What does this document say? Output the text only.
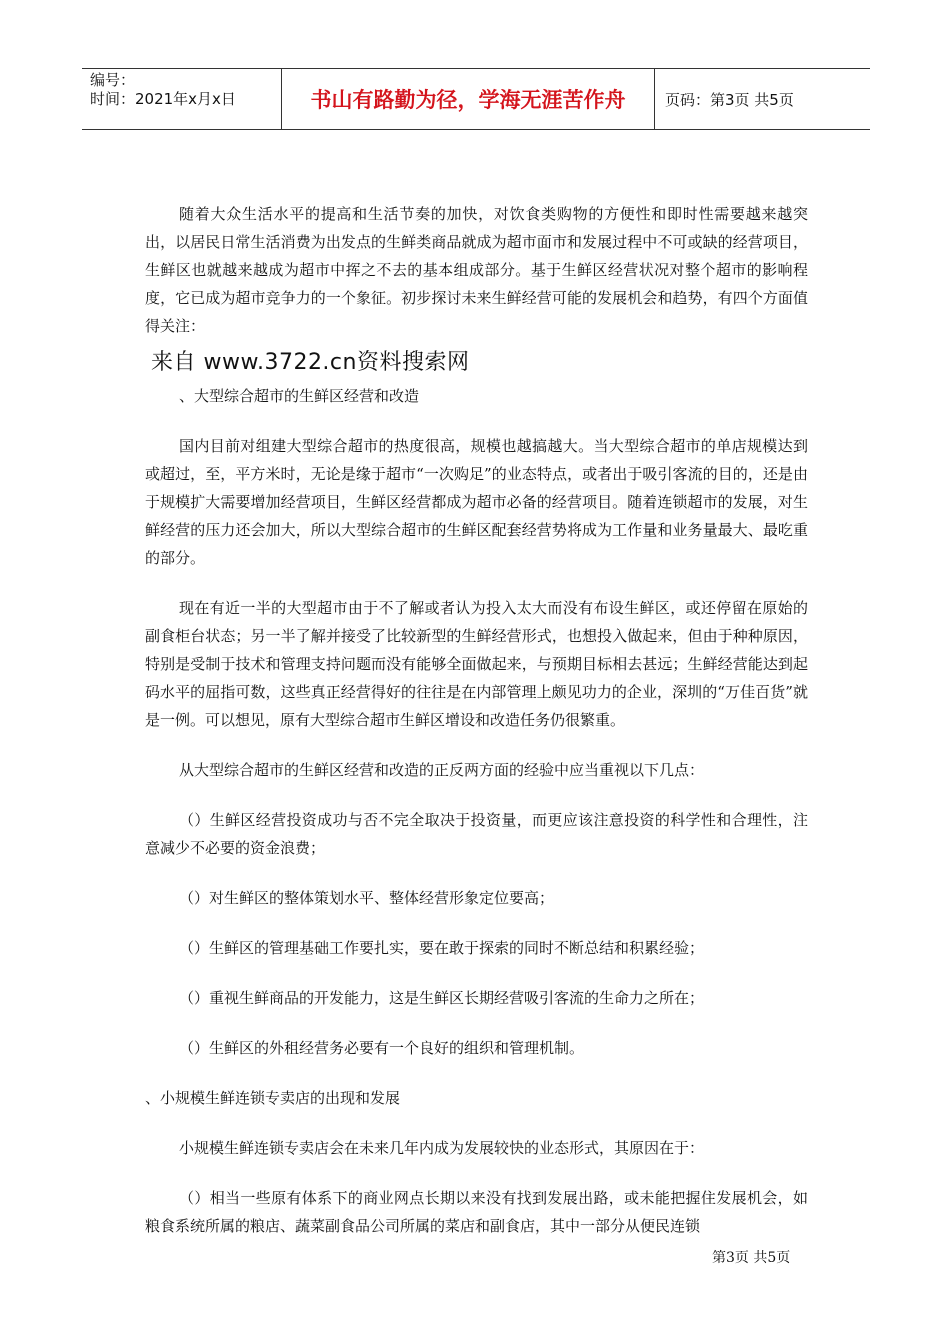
编号：
时间：2021年x月x日	书山有路勤为径，学海无涯苦作舟	页码：第3页 共5页

随着大众生活水平的提高和生活节奏的加快，对饮食类购物的方便性和即时性需要越来越突出，以居民日常生活消费为出发点的生鲜类商品就成为超市面市和发展过程中不可或缺的经营项目，生鲜区也就越来越成为超市中挥之不去的基本组成部分。基于生鲜区经营状况对整个超市的影响程度，它已成为超市竞争力的一个象征。初步探讨未来生鲜经营可能的发展机会和趋势，有四个方面值得关注：

来自 www.3722.cn资料搜索网

、大型综合超市的生鲜区经营和改造

国内目前对组建大型综合超市的热度很高，规模也越搞越大。当大型综合超市的单店规模达到或超过，至，平方米时，无论是缘于超市“一次购足”的业态特点，或者出于吸引客流的目的，还是由于规模扩大需要增加经营项目，生鲜区经营都成为超市必备的经营项目。随着连锁超市的发展，对生鲜经营的压力还会加大，所以大型综合超市的生鲜区配套经营势将成为工作量和业务量最大、最吃重的部分。

现在有近一半的大型超市由于不了解或者认为投入太大而没有布设生鲜区，或还停留在原始的副食柜台状态；另一半了解并接受了比较新型的生鲜经营形式，也想投入做起来，但由于种种原因，特别是受制于技术和管理支持问题而没有能够全面做起来，与预期目标相去甚远；生鲜经营能达到起码水平的屈指可数，这些真正经营得好的往往是在内部管理上颇见功力的企业，深圳的“万佳百货”就是一例。可以想见，原有大型综合超市生鲜区增设和改造任务仍很繁重。

从大型综合超市的生鲜区经营和改造的正反两方面的经验中应当重视以下几点：

（）生鲜区经营投资成功与否不完全取决于投资量，而更应该注意投资的科学性和合理性，注意减少不必要的资金浪费；

（）对生鲜区的整体策划水平、整体经营形象定位要高；

（）生鲜区的管理基础工作要扎实，要在敢于探索的同时不断总结和积累经验；

（）重视生鲜商品的开发能力，这是生鲜区长期经营吸引客流的生命力之所在；

（）生鲜区的外租经营务必要有一个良好的组织和管理机制。

、小规模生鲜连锁专卖店的出现和发展

小规模生鲜连锁专卖店会在未来几年内成为发展较快的业态形式，其原因在于：

（）相当一些原有体系下的商业网点长期以来没有找到发展出路，或未能把握住发展机会，如粮食系统所属的粮店、蔬菜副食品公司所属的菜店和副食店，其中一部分从便民连锁

第3页 共5页
